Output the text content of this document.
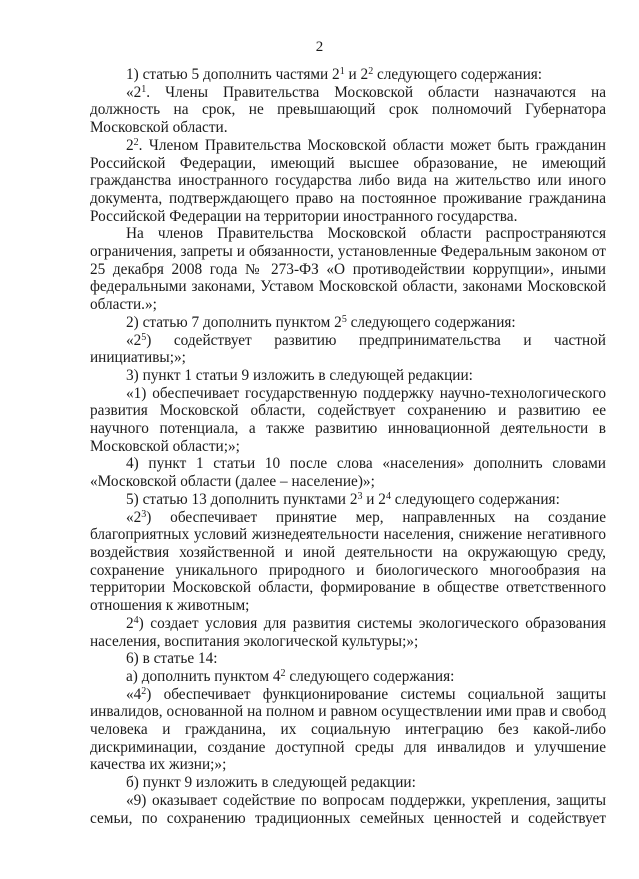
2

1) статью 5 дополнить частями $2^1$ и $2^2$ следующего содержания:

«$2^1$. Члены Правительства Московской области назначаются на должность на срок, не превышающий срок полномочий Губернатора Московской области.

$2^2$. Членом Правительства Московской области может быть гражданин Российской Федерации, имеющий высшее образование, не имеющий гражданства иностранного государства либо вида на жительство или иного документа, подтверждающего право на постоянное проживание гражданина Российской Федерации на территории иностранного государства.

На членов Правительства Московской области распространяются ограничения, запреты и обязанности, установленные Федеральным законом от 25 декабря 2008 года № 273-ФЗ «О противодействии коррупции», иными федеральными законами, Уставом Московской области, законами Московской области.»;

2) статью 7 дополнить пунктом $2^5$ следующего содержания:

«$2^5$) содействует развитию предпринимательства и частной инициативы;»;

3) пункт 1 статьи 9 изложить в следующей редакции:

«1) обеспечивает государственную поддержку научно-технологического развития Московской области, содействует сохранению и развитию ее научного потенциала, а также развитию инновационной деятельности в Московской области;»;

4) пункт 1 статьи 10 после слова «населения» дополнить словами «Московской области (далее – население)»;

5) статью 13 дополнить пунктами $2^3$ и $2^4$ следующего содержания:

«$2^3$) обеспечивает принятие мер, направленных на создание благоприятных условий жизнедеятельности населения, снижение негативного воздействия хозяйственной и иной деятельности на окружающую среду, сохранение уникального природного и биологического многообразия на территории Московской области, формирование в обществе ответственного отношения к животным;

$2^4$) создает условия для развития системы экологического образования населения, воспитания экологической культуры;»;

6) в статье 14:

а) дополнить пунктом $4^2$ следующего содержания:

«$4^2$) обеспечивает функционирование системы социальной защиты инвалидов, основанной на полном и равном осуществлении ими прав и свобод человека и гражданина, их социальную интеграцию без какой-либо дискриминации, создание доступной среды для инвалидов и улучшение качества их жизни;»;

б) пункт 9 изложить в следующей редакции:

«9) оказывает содействие по вопросам поддержки, укрепления, защиты семьи, по сохранению традиционных семейных ценностей и содействует
